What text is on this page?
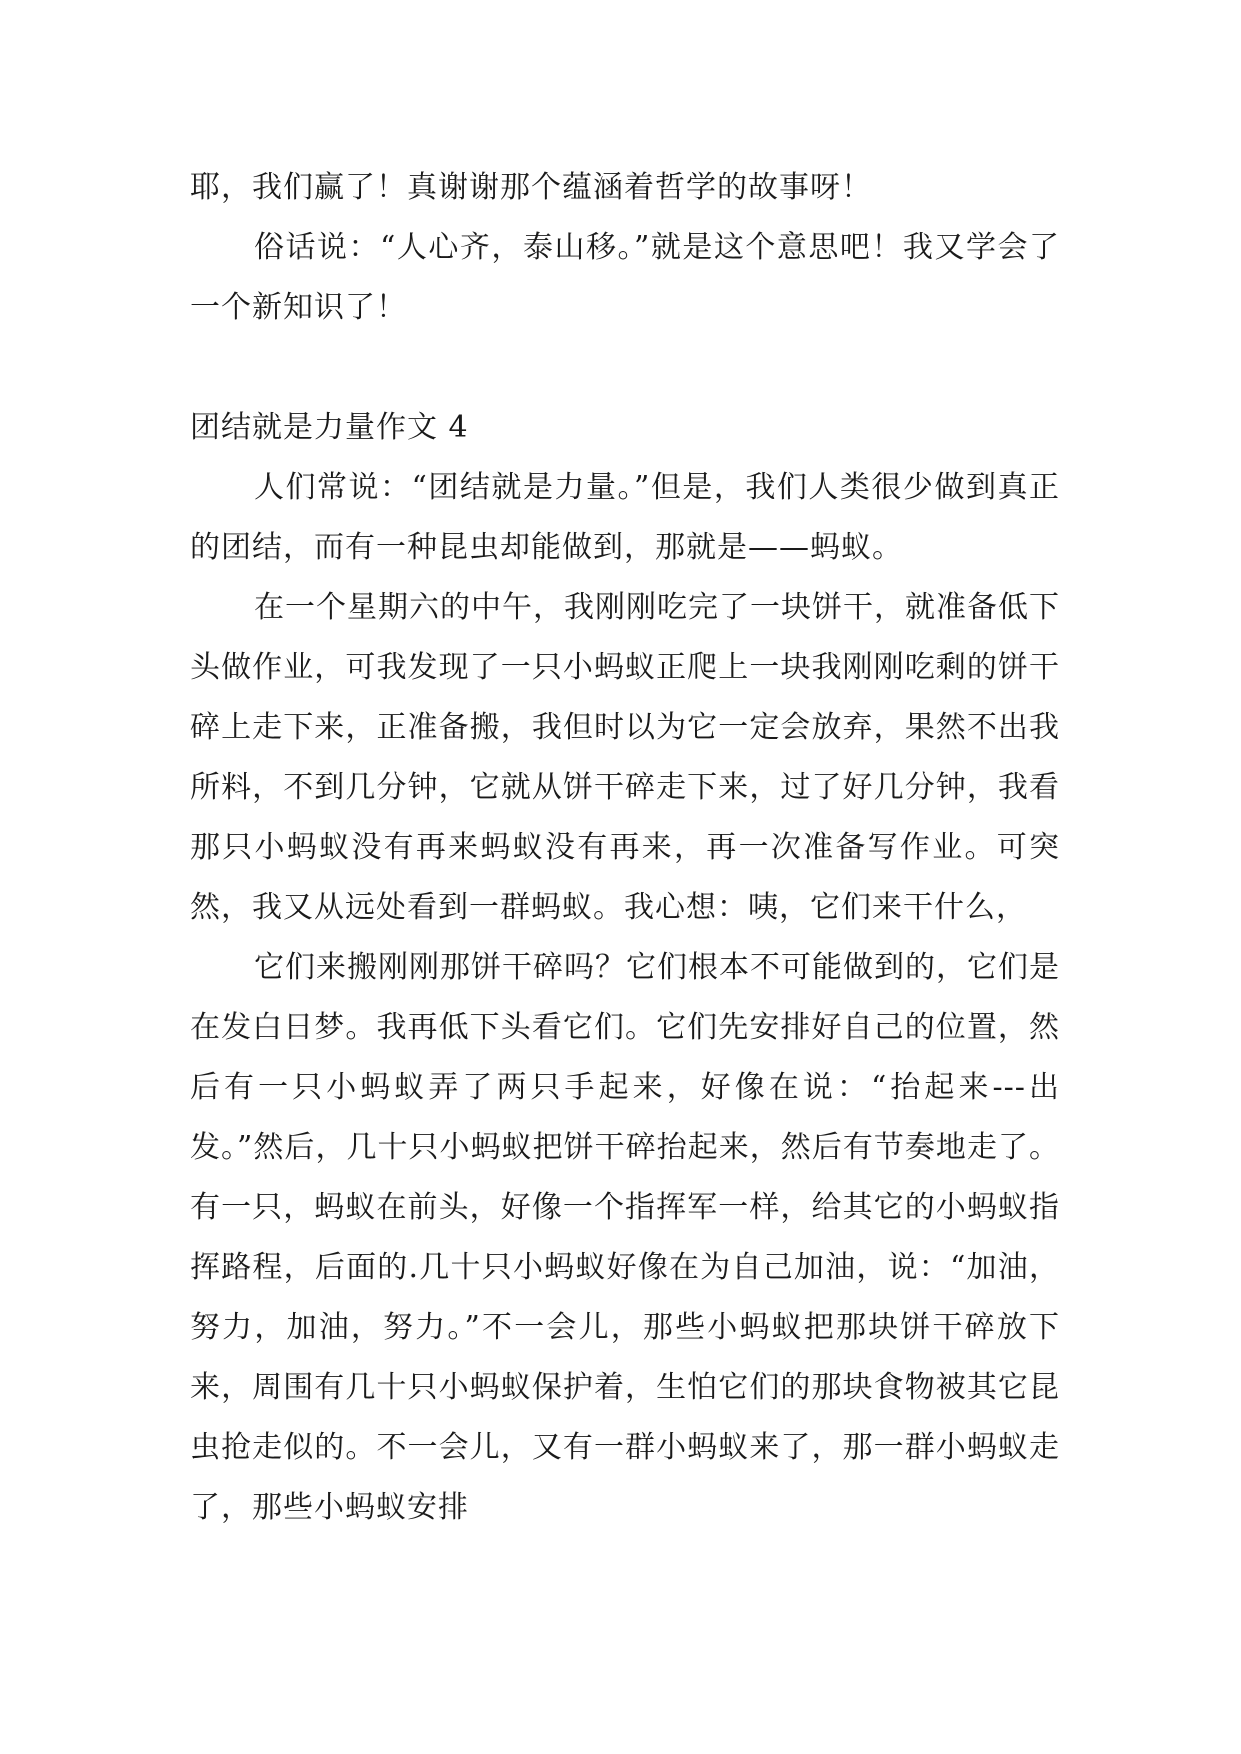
耶，我们赢了！真谢谢那个蕴涵着哲学的故事呀！

俗话说：“人心齐，泰山移。”就是这个意思吧！我又学会了一个新知识了！

团结就是力量作文 4

人们常说：“团结就是力量。”但是，我们人类很少做到真正的团结，而有一种昆虫却能做到，那就是——蚂蚁。

在一个星期六的中午，我刚刚吃完了一块饼干，就准备低下头做作业，可我发现了一只小蚂蚁正爬上一块我刚刚吃剩的饼干碎上走下来，正准备搬，我但时以为它一定会放弃，果然不出我所料，不到几分钟，它就从饼干碎走下来，过了好几分钟，我看那只小蚂蚁没有再来蚂蚁没有再来，再一次准备写作业。可突然，我又从远处看到一群蚂蚁。我心想：咦，它们来干什么，

它们来搬刚刚那饼干碎吗？它们根本不可能做到的，它们是在发白日梦。我再低下头看它们。它们先安排好自己的位置，然后有一只小蚂蚁弄了两只手起来，好像在说：“抬起来---出发。”然后，几十只小蚂蚁把饼干碎抬起来，然后有节奏地走了。有一只，蚂蚁在前头，好像一个指挥军一样，给其它的小蚂蚁指挥路程，后面的.几十只小蚂蚁好像在为自己加油，说：“加油，努力，加油，努力。”不一会儿，那些小蚂蚁把那块饼干碎放下来，周围有几十只小蚂蚁保护着，生怕它们的那块食物被其它昆虫抢走似的。不一会儿，又有一群小蚂蚁来了，那一群小蚂蚁走了，那些小蚂蚁安排
